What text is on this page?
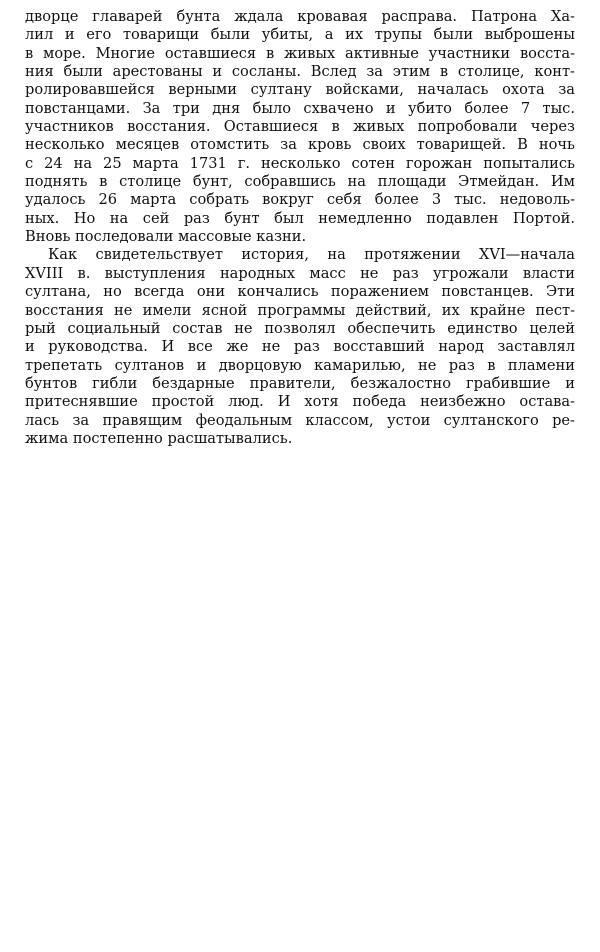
дворце главарей бунта ждала кровавая расправа. Патрона Ха-
лил и его товарищи были убиты, а их трупы были выброшены
в море. Многие оставшиеся в живых активные участники восста-
ния были арестованы и сосланы. Вслед за этим в столице, конт-
ролировавшейся верными султану войсками, началась охота за
повстанцами. За три дня было схвачено и убито более 7 тыс.
участников восстания. Оставшиеся в живых попробовали через
несколько месяцев отомстить за кровь своих товарищей. В ночь
с 24 на 25 марта 1731 г. несколько сотен горожан попытались
поднять в столице бунт, собравшись на площади Этмейдан. Им
удалось 26 марта собрать вокруг себя более 3 тыс. недоволь-
ных. Но на сей раз бунт был немедленно подавлен Портой.
Вновь последовали массовые казни.
Как свидетельствует история, на протяжении XVI—начала
XVIII в. выступления народных масс не раз угрожали власти
султана, но всегда они кончались поражением повстанцев. Эти
восстания не имели ясной программы действий, их крайне пест-
рый социальный состав не позволял обеспечить единство целей
и руководства. И все же не раз восставший народ заставлял
трепетать султанов и дворцовую камарилью, не раз в пламени
бунтов гибли бездарные правители, безжалостно грабившие и
притеснявшие простой люд. И хотя победа неизбежно остава-
лась за правящим феодальным классом, устои султанского ре-
жима постепенно расшатывались.
